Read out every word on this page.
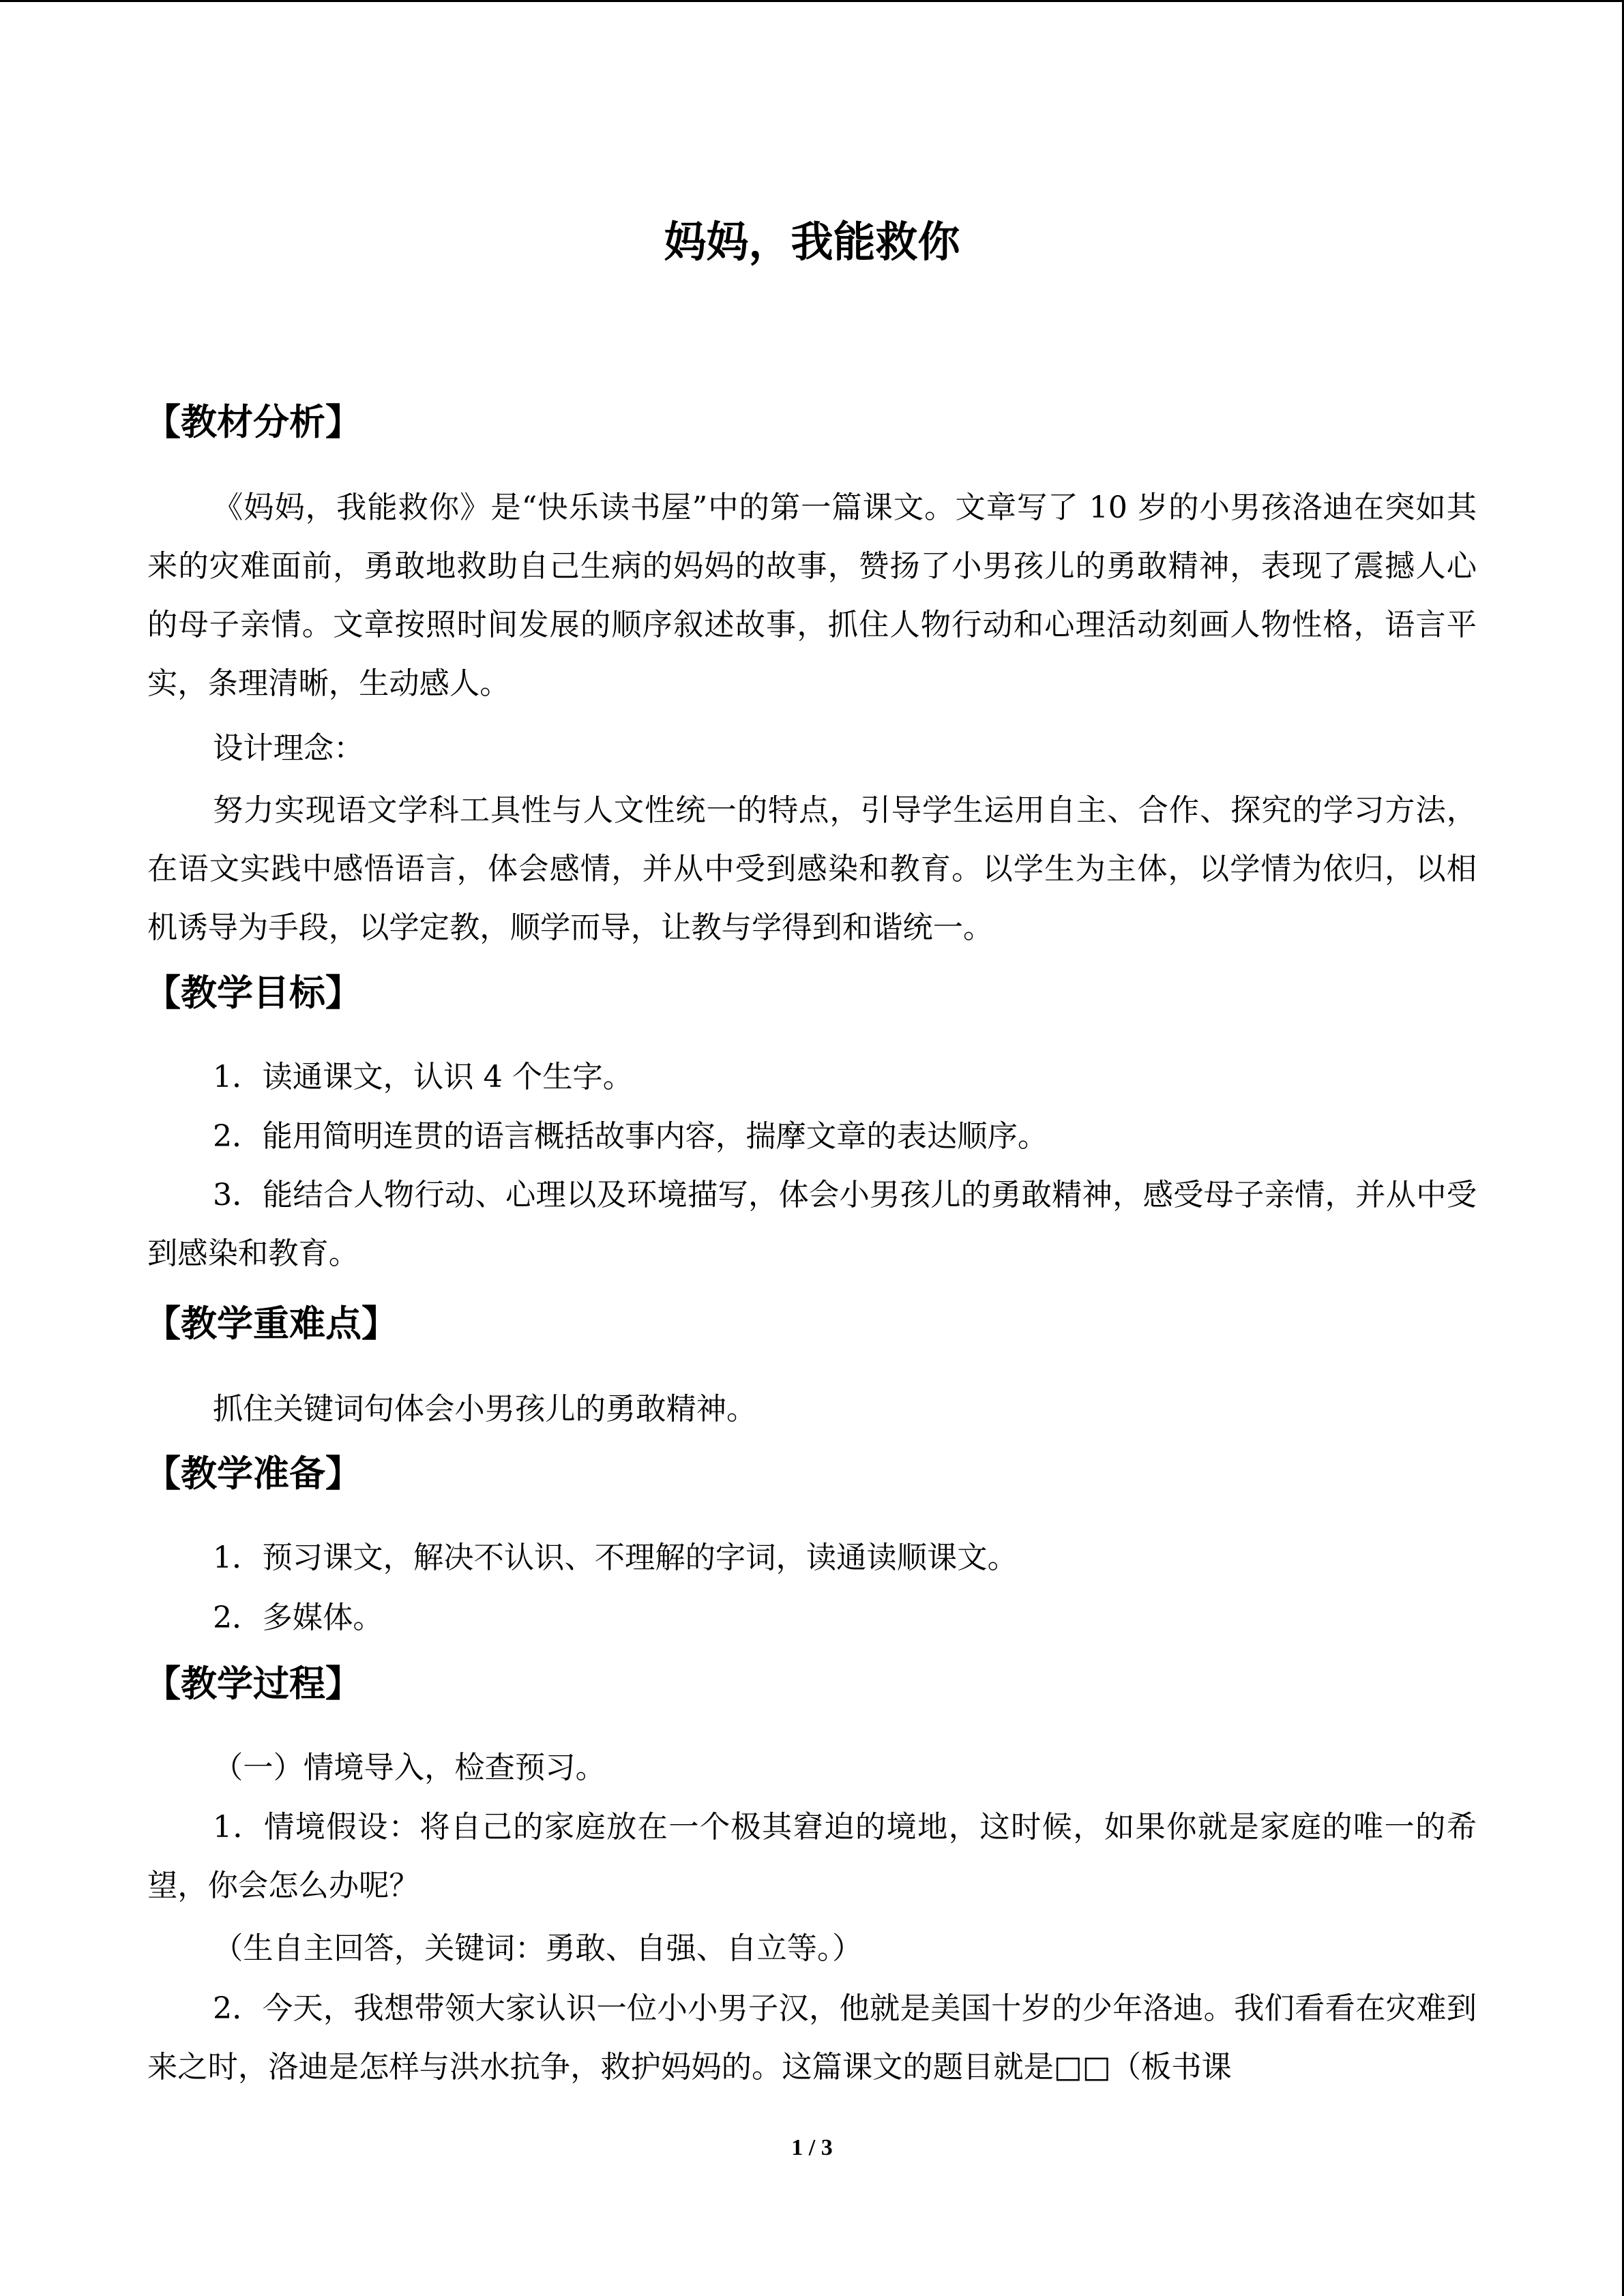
妈妈，我能救你
【教材分析】

《妈妈，我能救你》是“快乐读书屋”中的第一篇课文。文章写了 10 岁的小男孩洛迪在突如其来的灾难面前，勇敢地救助自己生病的妈妈的故事，赞扬了小男孩儿的勇敢精神，表现了震撼人心的母子亲情。文章按照时间发展的顺序叙述故事，抓住人物行动和心理活动刻画人物性格，语言平实，条理清晰，生动感人。

设计理念：

努力实现语文学科工具性与人文性统一的特点，引导学生运用自主、合作、探究的学习方法，在语文实践中感悟语言，体会感情，并从中受到感染和教育。以学生为主体，以学情为依归，以相机诱导为手段，以学定教，顺学而导，让教与学得到和谐统一。

【教学目标】

1．读通课文，认识 4 个生字。

2．能用简明连贯的语言概括故事内容，揣摩文章的表达顺序。

3．能结合人物行动、心理以及环境描写，体会小男孩儿的勇敢精神，感受母子亲情，并从中受到感染和教育。

【教学重难点】

抓住关键词句体会小男孩儿的勇敢精神。

【教学准备】

1．预习课文，解决不认识、不理解的字词，读通读顺课文。

2．多媒体。

【教学过程】

（一）情境导入，检查预习。

1．情境假设：将自己的家庭放在一个极其窘迫的境地，这时候，如果你就是家庭的唯一的希望，你会怎么办呢？

（生自主回答，关键词：勇敢、自强、自立等。）

2．今天，我想带领大家认识一位小小男子汉，他就是美国十岁的少年洛迪。我们看看在灾难到来之时，洛迪是怎样与洪水抗争，救护妈妈的。这篇课文的题目就是□□（板书课

1 / 3
